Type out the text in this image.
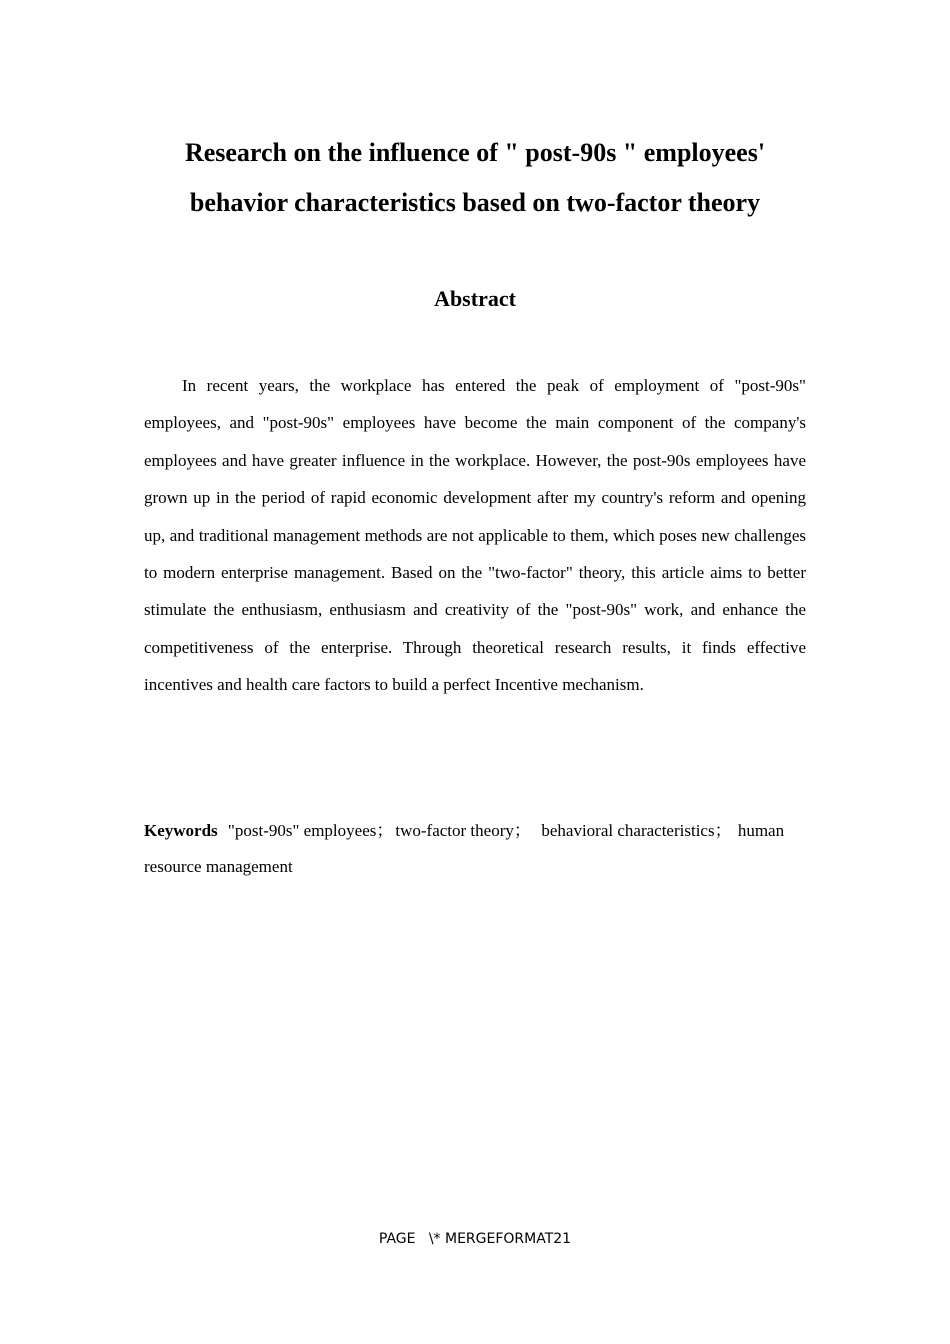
Research on the influence of " post-90s " employees'
behavior characteristics based on two-factor theory
Abstract

In recent years, the workplace has entered the peak of employment of "post-90s" employees, and "post-90s" employees have become the main component of the company's employees and have greater influence in the workplace. However, the post-90s employees have grown up in the period of rapid economic development after my country's reform and opening up, and traditional management methods are not applicable to them, which poses new challenges to modern enterprise management. Based on the "two-factor" theory, this article aims to better stimulate the enthusiasm, enthusiasm and creativity of the "post-90s" work, and enhance the competitiveness of the enterprise. Through theoretical research results, it finds effective incentives and health care factors to build a perfect Incentive mechanism.

Keywords "post-90s" employees； two-factor theory；  behavioral characteristics； human resource management

PAGE   \* MERGEFORMAT21
